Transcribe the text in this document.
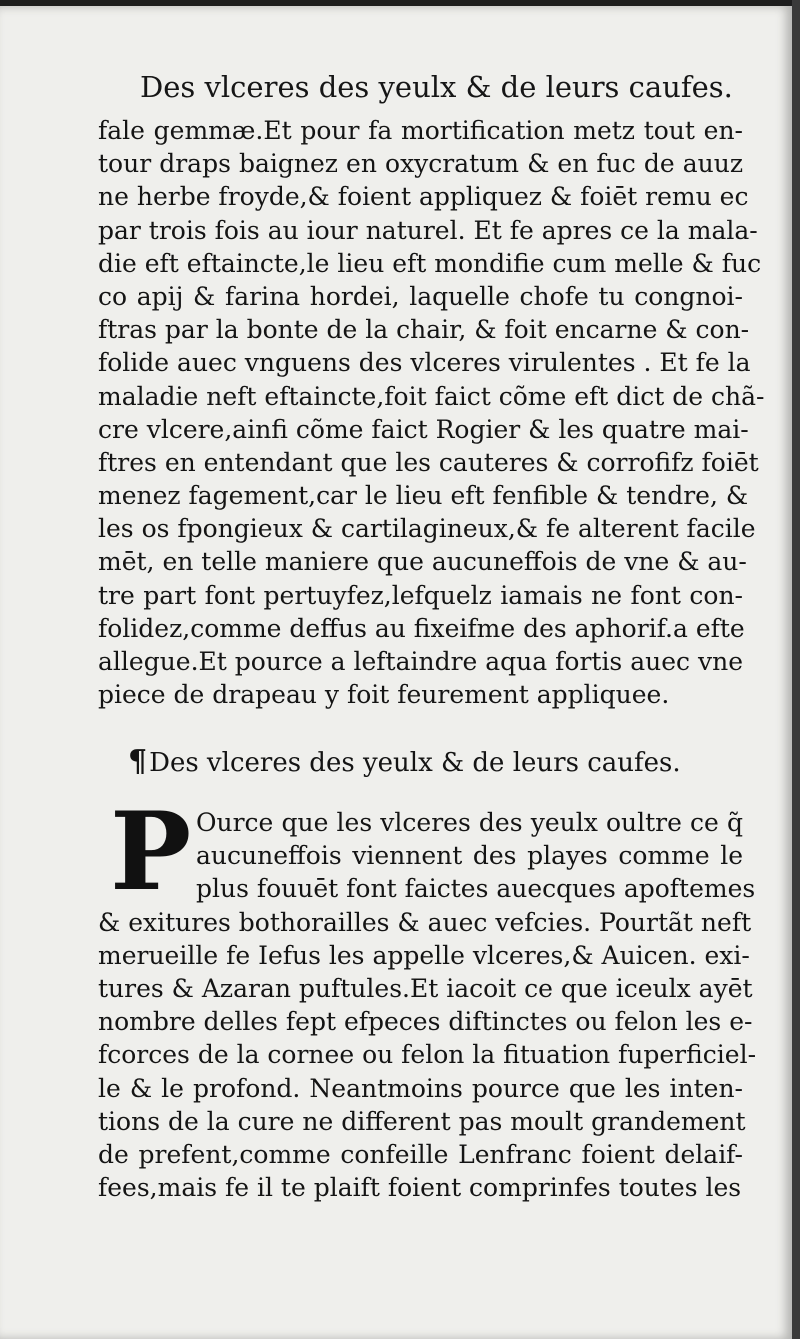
Des vlceres des yeulx & de leurs caufes.
fale gemmæ.Et pour fa mortification metz tout en-
tour draps baignez en oxycratum & en fuc de auuz
ne herbe froyde,& foient appliquez & foiēt remu ec
par trois fois au iour naturel. Et fe apres ce la mala-
die eft eftaincte,le lieu eft mondifie cum melle & fuc
co apij & farina hordei, laquelle chofe tu congnoi-
ftras par la bonte de la chair, & foit encarne & con-
folide auec vnguens des vlceres virulentes . Et fe la
maladie neft eftaincte,foit faict cõme eft dict de chã-
cre vlcere,ainfi cõme faict Rogier & les quatre mai-
ftres en entendant que les cauteres & corrofifz foiēt
menez fagement,car le lieu eft fenfible & tendre, &
les os fpongieux & cartilagineux,& fe alterent facile
mēt, en telle maniere que aucuneffois de vne & au-
tre part font pertuyfez,lefquelz iamais ne font con-
folidez,comme deffus au fixeifme des aphorif.a efte
allegue.Et pource a leftaindre aqua fortis auec vne
piece de drapeau y foit feurement appliquee.
¶Des vlceres des yeulx & de leurs caufes.
P Ource que les vlceres des yeulx oultre ce q̃
aucuneffois viennent des playes comme le
plus fouuēt font faictes auecques apoftemes
& exitures bothorailles & auec vefcies. Pourtãt neft
merueille fe Iefus les appelle vlceres,& Auicen. exi-
tures & Azaran puftules.Et iacoit ce que iceulx ayēt
nombre delles fept efpeces diftinctes ou felon les e-
fcorces de la cornee ou felon la fituation fuperficiel-
le & le profond. Neantmoins pource que les inten-
tions de la cure ne different pas moult grandement
de prefent,comme confeille Lenfranc foient delaif-
fees,mais fe il te plaift foient comprinfes toutes les
